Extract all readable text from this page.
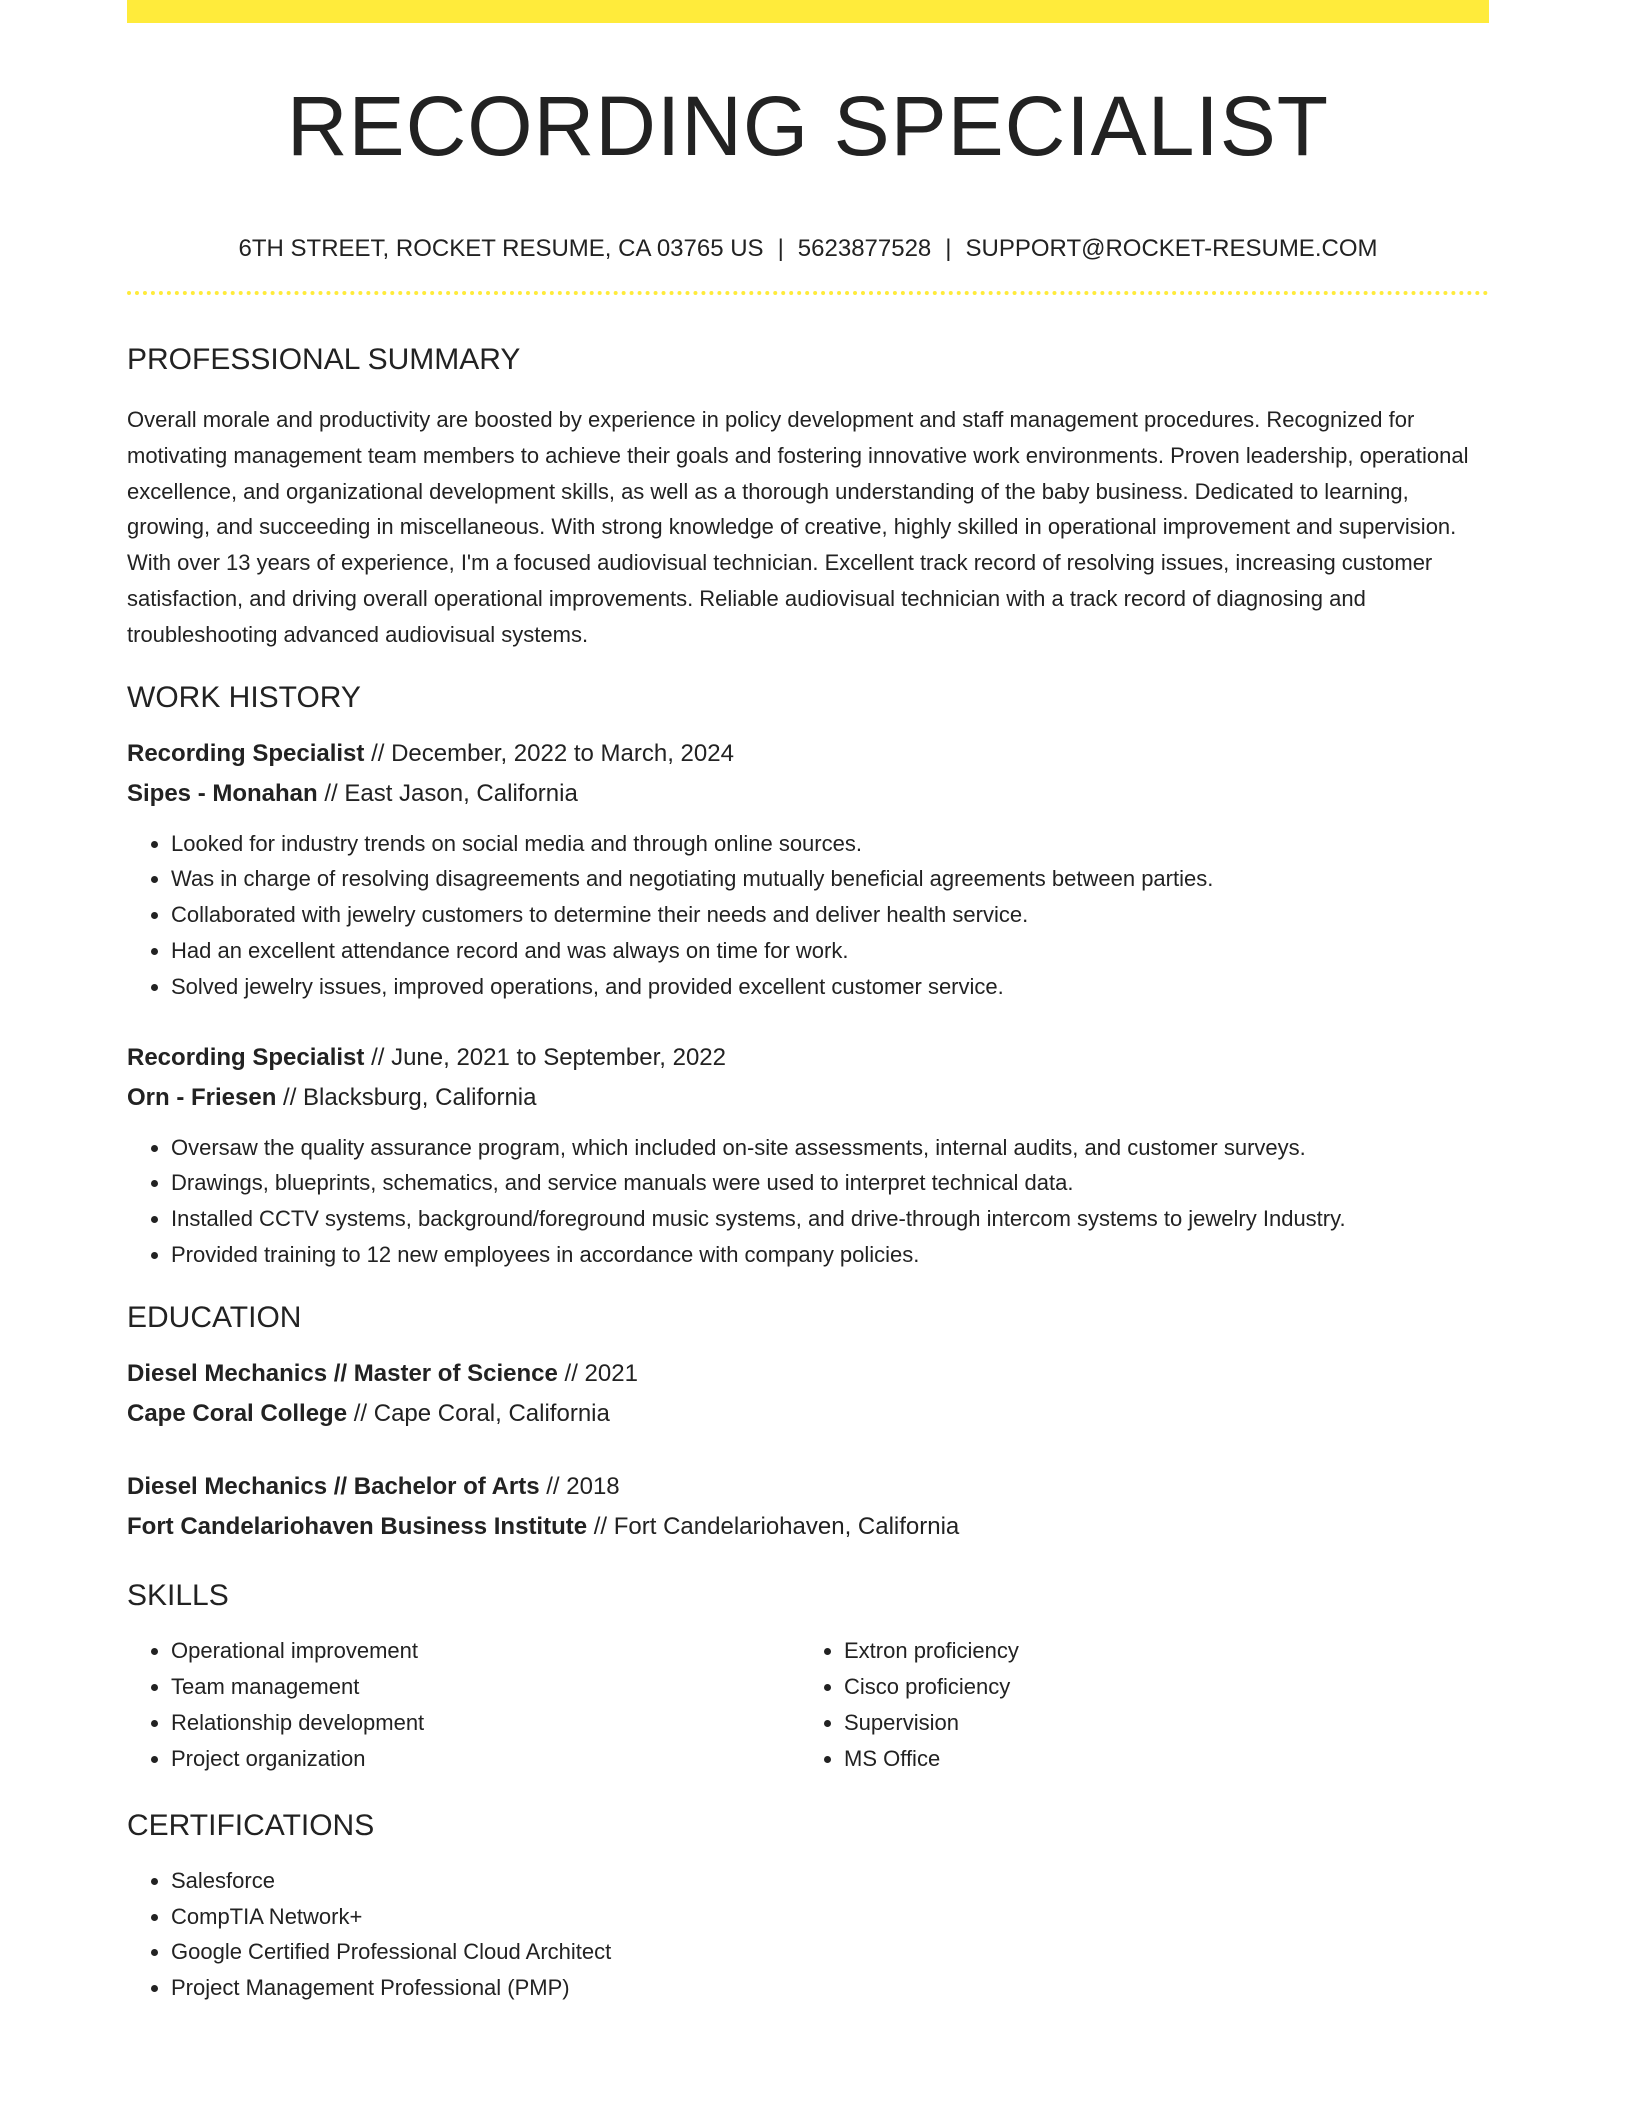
RECORDING SPECIALIST
6TH STREET, ROCKET RESUME, CA 03765 US | 5623877528 | SUPPORT@ROCKET-RESUME.COM
PROFESSIONAL SUMMARY
Overall morale and productivity are boosted by experience in policy development and staff management procedures. Recognized for motivating management team members to achieve their goals and fostering innovative work environments. Proven leadership, operational excellence, and organizational development skills, as well as a thorough understanding of the baby business. Dedicated to learning, growing, and succeeding in miscellaneous. With strong knowledge of creative, highly skilled in operational improvement and supervision. With over 13 years of experience, I'm a focused audiovisual technician. Excellent track record of resolving issues, increasing customer satisfaction, and driving overall operational improvements. Reliable audiovisual technician with a track record of diagnosing and troubleshooting advanced audiovisual systems.
WORK HISTORY
Recording Specialist // December, 2022 to March, 2024
Sipes - Monahan // East Jason, California
• Looked for industry trends on social media and through online sources.
• Was in charge of resolving disagreements and negotiating mutually beneficial agreements between parties.
• Collaborated with jewelry customers to determine their needs and deliver health service.
• Had an excellent attendance record and was always on time for work.
• Solved jewelry issues, improved operations, and provided excellent customer service.
Recording Specialist // June, 2021 to September, 2022
Orn - Friesen // Blacksburg, California
• Oversaw the quality assurance program, which included on-site assessments, internal audits, and customer surveys.
• Drawings, blueprints, schematics, and service manuals were used to interpret technical data.
• Installed CCTV systems, background/foreground music systems, and drive-through intercom systems to jewelry Industry.
• Provided training to 12 new employees in accordance with company policies.
EDUCATION
Diesel Mechanics // Master of Science // 2021
Cape Coral College // Cape Coral, California
Diesel Mechanics // Bachelor of Arts // 2018
Fort Candelariohaven Business Institute // Fort Candelariohaven, California
SKILLS
• Operational improvement
• Team management
• Relationship development
• Project organization
• Extron proficiency
• Cisco proficiency
• Supervision
• MS Office
CERTIFICATIONS
• Salesforce
• CompTIA Network+
• Google Certified Professional Cloud Architect
• Project Management Professional (PMP)
